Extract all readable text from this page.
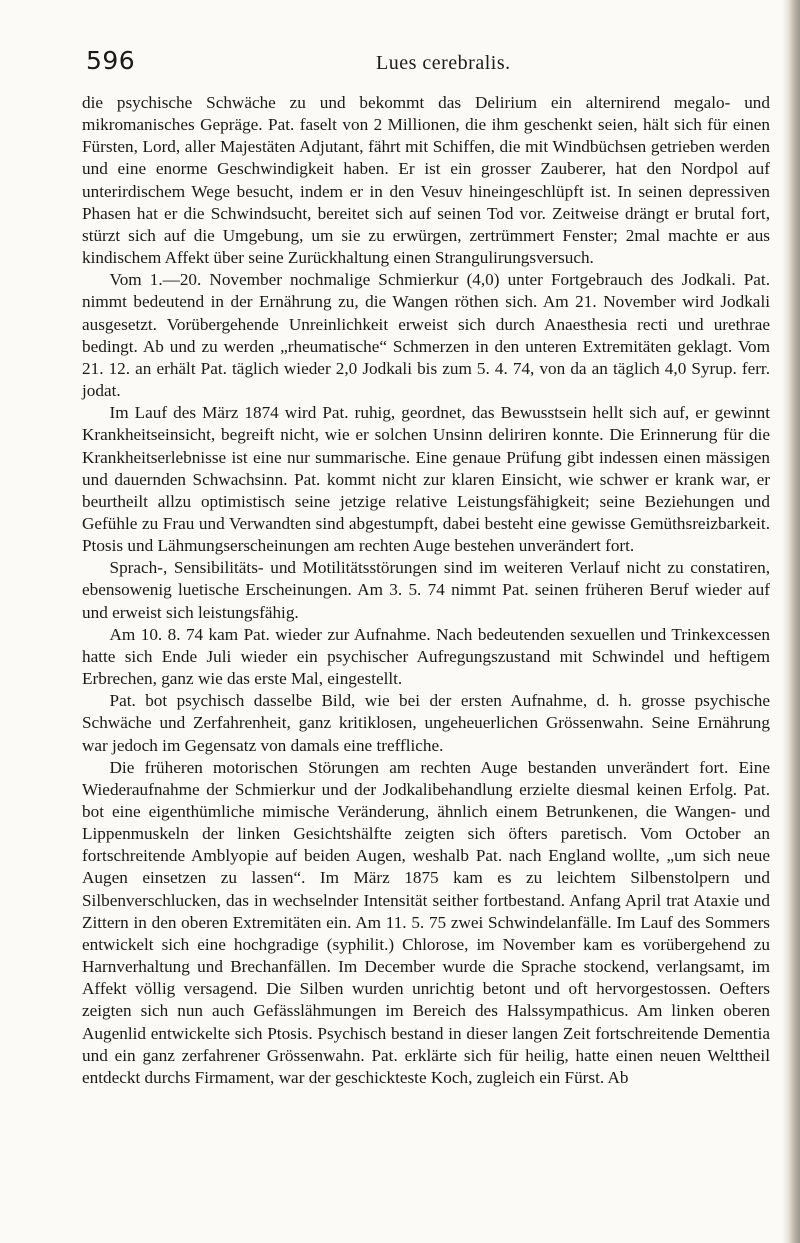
596	Lues cerebralis.

die psychische Schwäche zu und bekommt das Delirium ein alternirend megalo- und mikromanisches Gepräge. Pat. faselt von 2 Millionen, die ihm geschenkt seien, hält sich für einen Fürsten, Lord, aller Majestäten Adjutant, fährt mit Schiffen, die mit Windbüchsen getrieben werden und eine enorme Geschwindigkeit haben. Er ist ein grosser Zauberer, hat den Nordpol auf unterirdischem Wege besucht, indem er in den Vesuv hineingeschlüpft ist. In seinen depressiven Phasen hat er die Schwindsucht, bereitet sich auf seinen Tod vor. Zeitweise drängt er brutal fort, stürzt sich auf die Umgebung, um sie zu erwürgen, zertrümmert Fenster; 2mal machte er aus kindischem Affekt über seine Zurückhaltung einen Strangulirungsversuch.

Vom 1.—20. November nochmalige Schmierkur (4,0) unter Fortgebrauch des Jodkali. Pat. nimmt bedeutend in der Ernährung zu, die Wangen röthen sich. Am 21. November wird Jodkali ausgesetzt. Vorübergehende Unreinlichkeit erweist sich durch Anaesthesia recti und urethrae bedingt. Ab und zu werden „rheumatische“ Schmerzen in den unteren Extremitäten geklagt. Vom 21. 12. an erhält Pat. täglich wieder 2,0 Jodkali bis zum 5. 4. 74, von da an täglich 4,0 Syrup. ferr. jodat.

Im Lauf des März 1874 wird Pat. ruhig, geordnet, das Bewusstsein hellt sich auf, er gewinnt Krankheitseinsicht, begreift nicht, wie er solchen Unsinn deliriren konnte. Die Erinnerung für die Krankheitserlebnisse ist eine nur summarische. Eine genaue Prüfung gibt indessen einen mässigen und dauernden Schwachsinn. Pat. kommt nicht zur klaren Einsicht, wie schwer er krank war, er beurtheilt allzu optimistisch seine jetzige relative Leistungsfähigkeit; seine Beziehungen und Gefühle zu Frau und Verwandten sind abgestumpft, dabei besteht eine gewisse Gemüthsreizbarkeit. Ptosis und Lähmungserscheinungen am rechten Auge bestehen unverändert fort.

Sprach-, Sensibilitäts- und Motilitätsstörungen sind im weiteren Verlauf nicht zu constatiren, ebensowenig luetische Erscheinungen. Am 3. 5. 74 nimmt Pat. seinen früheren Beruf wieder auf und erweist sich leistungsfähig.

Am 10. 8. 74 kam Pat. wieder zur Aufnahme. Nach bedeutenden sexuellen und Trinkexcessen hatte sich Ende Juli wieder ein psychischer Aufregungszustand mit Schwindel und heftigem Erbrechen, ganz wie das erste Mal, eingestellt.

Pat. bot psychisch dasselbe Bild, wie bei der ersten Aufnahme, d. h. grosse psychische Schwäche und Zerfahrenheit, ganz kritiklosen, ungeheuerlichen Grössenwahn. Seine Ernährung war jedoch im Gegensatz von damals eine treffliche.

Die früheren motorischen Störungen am rechten Auge bestanden unverändert fort. Eine Wiederaufnahme der Schmierkur und der Jodkalibehandlung erzielte diesmal keinen Erfolg. Pat. bot eine eigenthümliche mimische Veränderung, ähnlich einem Betrunkenen, die Wangen- und Lippenmuskeln der linken Gesichtshälfte zeigten sich öfters paretisch. Vom October an fortschreitende Amblyopie auf beiden Augen, weshalb Pat. nach England wollte, „um sich neue Augen einsetzen zu lassen“. Im März 1875 kam es zu leichtem Silbenstolpern und Silbenverschlucken, das in wechselnder Intensität seither fortbestand. Anfang April trat Ataxie und Zittern in den oberen Extremitäten ein. Am 11. 5. 75 zwei Schwindelanfälle. Im Lauf des Sommers entwickelt sich eine hochgradige (syphilit.) Chlorose, im November kam es vorübergehend zu Harnverhaltung und Brechanfällen. Im December wurde die Sprache stockend, verlangsamt, im Affekt völlig versagend. Die Silben wurden unrichtig betont und oft hervorgestossen. Oefters zeigten sich nun auch Gefässlähmungen im Bereich des Halssympathicus. Am linken oberen Augenlid entwickelte sich Ptosis. Psychisch bestand in dieser langen Zeit fortschreitende Dementia und ein ganz zerfahrener Grössenwahn. Pat. erklärte sich für heilig, hatte einen neuen Welttheil entdeckt durchs Firmament, war der geschickteste Koch, zugleich ein Fürst. Ab
